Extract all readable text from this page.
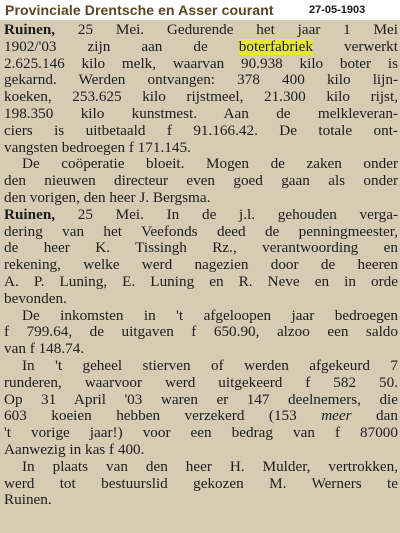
Provinciale Drentsche en Asser courant	27-05-1903
Ruinen, 25 Mei. Gedurende het jaar 1 Mei
1902/'03 zijn aan de boterfabriek verwerkt
2.625.146 kilo melk, waarvan 90.938 kilo boter is
gekarnd. Werden ontvangen: 378 400 kilo lijn-
koeken, 253.625 kilo rijstmeel, 21.300 kilo rijst,
198.350 kilo kunstmest. Aan de melkleveran-
ciers is uitbetaald f 91.166.42. De totale ont-
vangsten bedroegen f 171.145.
De coöperatie bloeit. Mogen de zaken onder
den nieuwen directeur even goed gaan als onder
den vorigen, den heer J. Bergsma.
Ruinen, 25 Mei. In de j.l. gehouden verga-
dering van het Veefonds deed de penningmeester,
de heer K. Tissingh Rz., verantwoording en
rekening, welke werd nagezien door de heeren
A. P. Luning, E. Luning en R. Neve en in orde
bevonden.
De inkomsten in 't afgeloopen jaar bedroegen
f 799.64, de uitgaven f 650.90, alzoo een saldo
van f 148.74.
In 't geheel stierven of werden afgekeurd 7
runderen, waarvoor werd uitgekeerd f 582 50.
Op 31 April '03 waren er 147 deelnemers, die
603 koeien hebben verzekerd (153 meer dan
't vorige jaar!) voor een bedrag van f 87000
Aanwezig in kas f 400.
In plaats van den heer H. Mulder, vertrokken,
werd tot bestuurslid gekozen M. Werners te
Ruinen.
